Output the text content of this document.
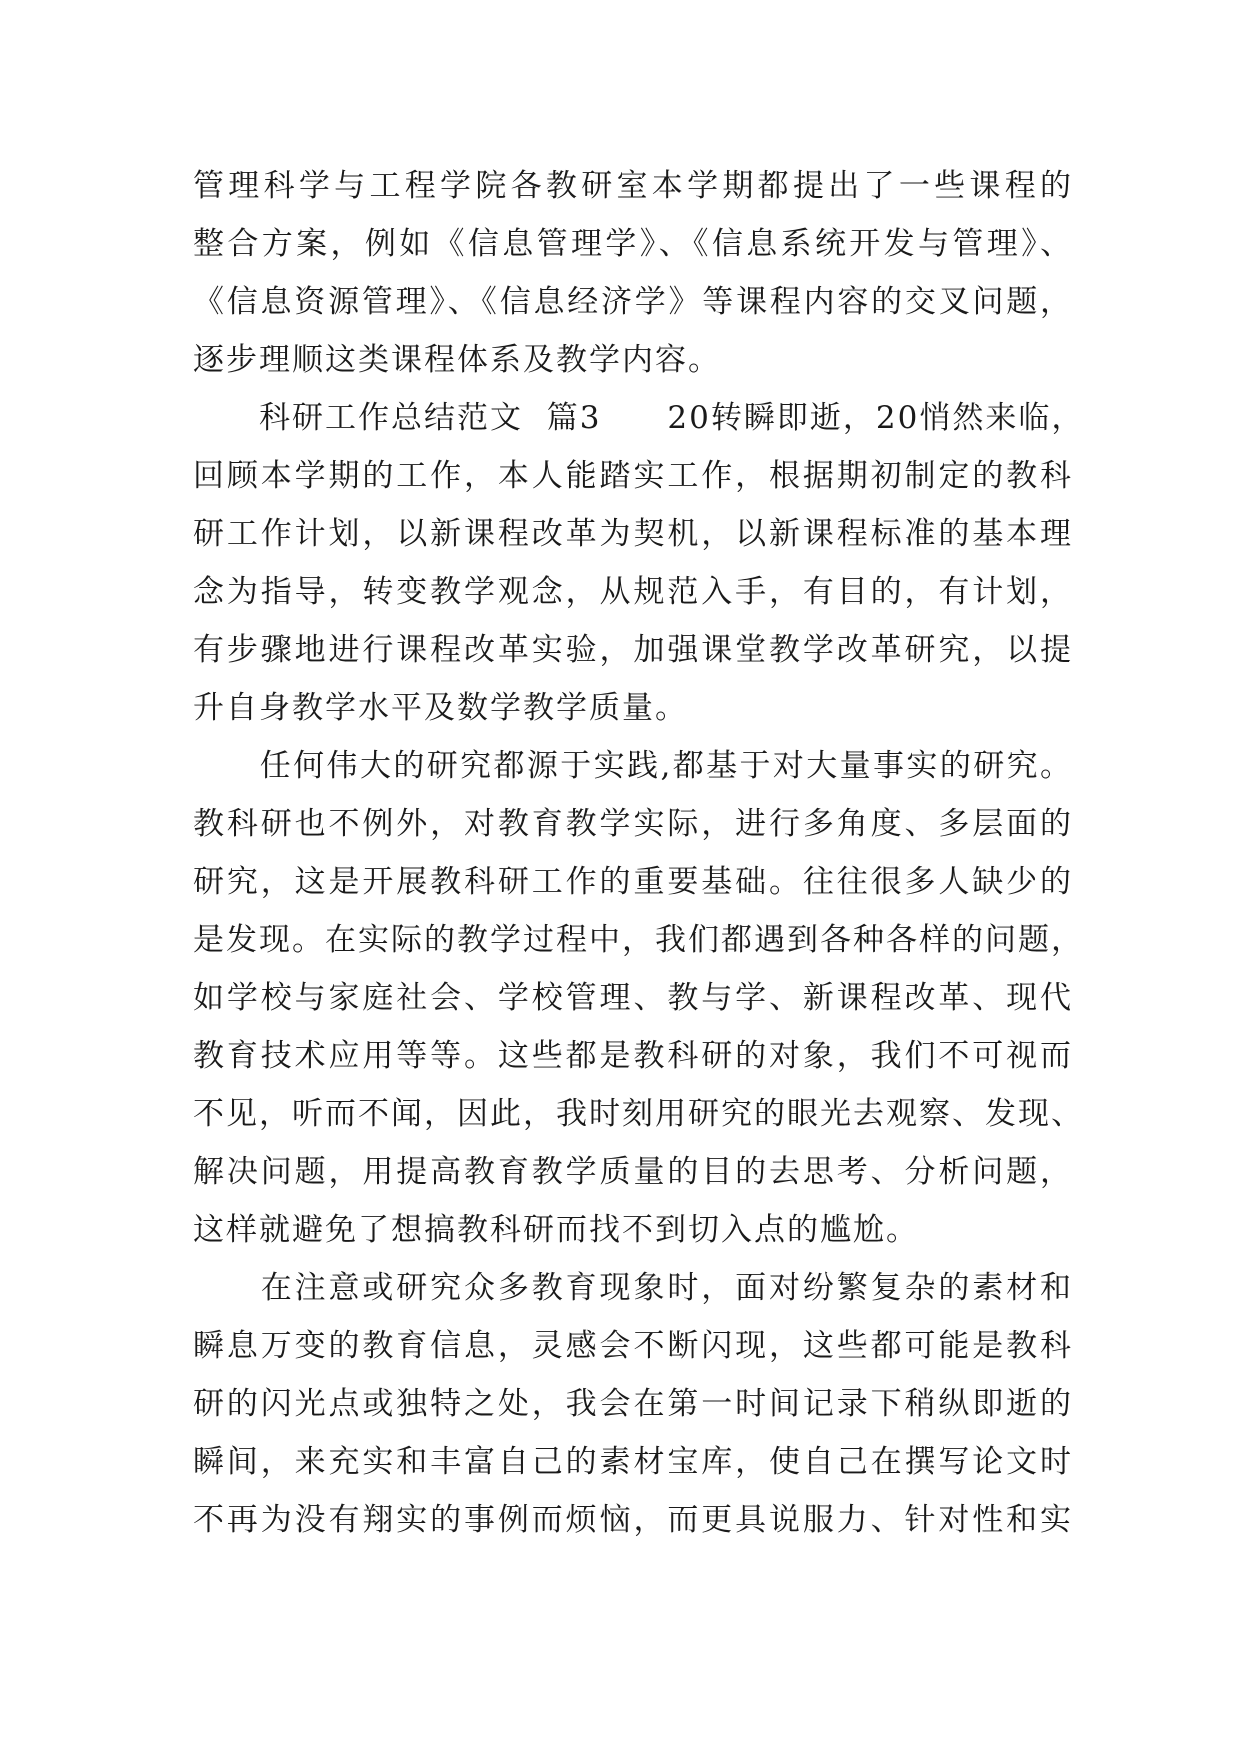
管理科学与工程学院各教研室本学期都提出了一些课程的
整合方案，例如《信息管理学》、《信息系统开发与管理》、
《信息资源管理》、《信息经济学》等课程内容的交叉问题，
逐步理顺这类课程体系及教学内容。
　　科研工作总结范文  篇3　　20转瞬即逝，20悄然来临，
回顾本学期的工作，本人能踏实工作，根据期初制定的教科
研工作计划，以新课程改革为契机，以新课程标准的基本理
念为指导，转变教学观念，从规范入手，有目的，有计划，
有步骤地进行课程改革实验，加强课堂教学改革研究，以提
升自身教学水平及数学教学质量。
　　任何伟大的研究都源于实践,都基于对大量事实的研究。
教科研也不例外，对教育教学实际，进行多角度、多层面的
研究，这是开展教科研工作的重要基础。往往很多人缺少的
是发现。在实际的教学过程中，我们都遇到各种各样的问题，
如学校与家庭社会、学校管理、教与学、新课程改革、现代
教育技术应用等等。这些都是教科研的对象，我们不可视而
不见，听而不闻，因此，我时刻用研究的眼光去观察、发现、
解决问题，用提高教育教学质量的目的去思考、分析问题，
这样就避免了想搞教科研而找不到切入点的尴尬。
　　在注意或研究众多教育现象时，面对纷繁复杂的素材和
瞬息万变的教育信息，灵感会不断闪现，这些都可能是教科
研的闪光点或独特之处，我会在第一时间记录下稍纵即逝的
瞬间，来充实和丰富自己的素材宝库，使自己在撰写论文时
不再为没有翔实的事例而烦恼，而更具说服力、针对性和实
